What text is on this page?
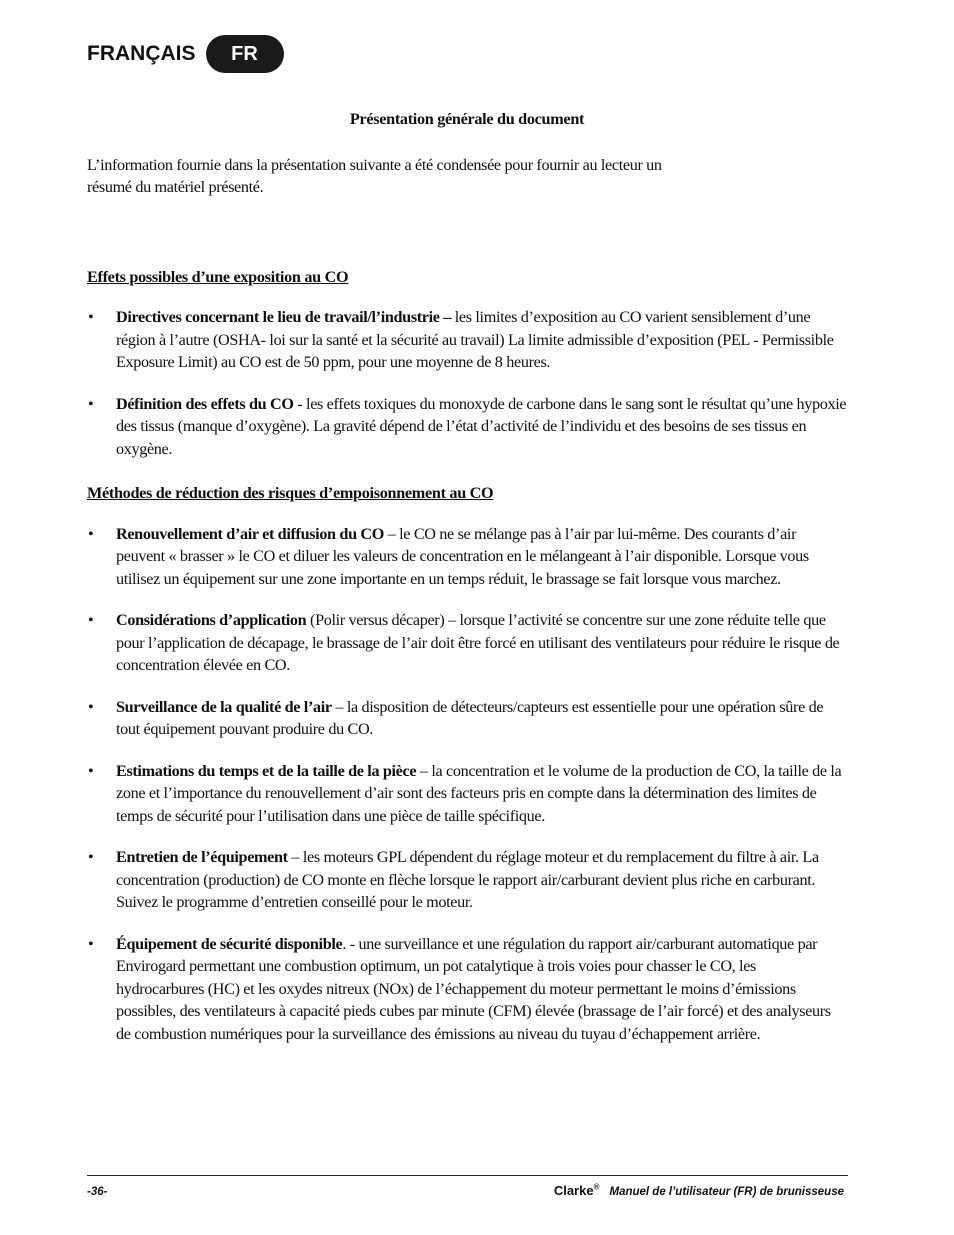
FRANÇAIS	FR

Présentation générale du document

L’information fournie dans la présentation suivante a été condensée pour fournir au lecteur un résumé du matériel présenté.

Effets possibles d’une exposition au CO

• Directives concernant le lieu de travail/l’industrie – les limites d’exposition au CO varient sensiblement d’une région à l’autre (OSHA- loi sur la santé et la sécurité au travail) La limite admissible d’exposition (PEL - Permissible Exposure Limit) au CO est de 50 ppm, pour une moyenne de 8 heures.
• Définition des effets du CO - les effets toxiques du monoxyde de carbone dans le sang sont le résultat qu’une hypoxie des tissus (manque d’oxygène). La gravité dépend de l’état d’activité de l’individu et des besoins de ses tissus en oxygène.

Méthodes de réduction des risques d’empoisonnement au CO

• Renouvellement d’air et diffusion du CO – le CO ne se mélange pas à l’air par lui-même. Des courants d’air peuvent « brasser » le CO et diluer les valeurs de concentration en le mélangeant à l’air disponible. Lorsque vous utilisez un équipement sur une zone importante en un temps réduit, le brassage se fait lorsque vous marchez.
• Considérations d’application (Polir versus décaper) – lorsque l’activité se concentre sur une zone réduite telle que pour l’application de décapage, le brassage de l’air doit être forcé en utilisant des ventilateurs pour réduire le risque de concentration élevée en CO.
• Surveillance de la qualité de l’air – la disposition de détecteurs/capteurs est essentielle pour une opération sûre de tout équipement pouvant produire du CO.
• Estimations du temps et de la taille de la pièce – la concentration et le volume de la production de CO, la taille de la zone et l’importance du renouvellement d’air sont des facteurs pris en compte dans la détermination des limites de temps de sécurité pour l’utilisation dans une pièce de taille spécifique.
• Entretien de l’équipement – les moteurs GPL dépendent du réglage moteur et du remplacement du filtre à air. La concentration (production) de CO monte en flèche lorsque le rapport air/carburant devient plus riche en carburant. Suivez le programme d’entretien conseillé pour le moteur.
• Équipement de sécurité disponible. - une surveillance et une régulation du rapport air/carburant automatique par Envirogard permettant une combustion optimum, un pot catalytique à trois voies pour chasser le CO, les hydrocarbures (HC) et les oxydes nitreux (NOx) de l’échappement du moteur permettant le moins d’émissions possibles, des ventilateurs à capacité pieds cubes par minute (CFM) élevée (brassage de l’air forcé) et des analyseurs de combustion numériques pour la surveillance des émissions au niveau du tuyau d’échappement arrière.
-36-	Clarke® Manuel de l’utilisateur (FR) de brunisseuse
